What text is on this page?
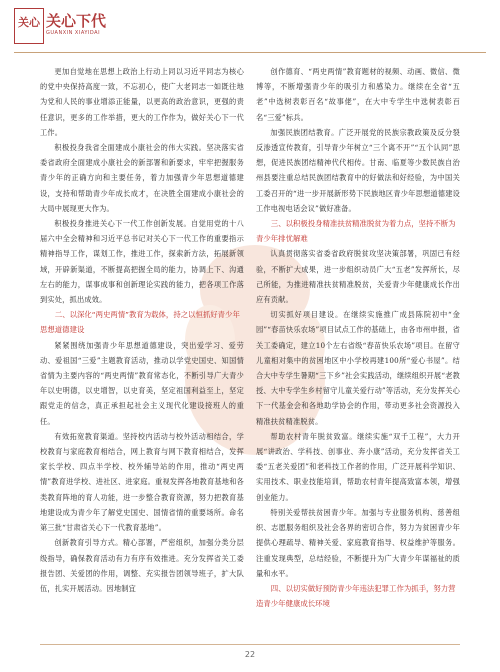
关心 关心下代
GUANXIN XIAYIDAI

更加自觉地在思想上政治上行动上同以习近平同志为核心的党中央保持高度一致，不忘初心，使广大老同志一如既往地为党和人民的事业增添正能量，以更高的政治意识，更强的责任意识，更多的工作举措，更大的工作作为，做好关心下一代工作。

积极投身我省全面建成小康社会的伟大实践。坚决落实省委省政府全面建成小康社会的新部署和新要求，牢牢把握服务青少年的正确方向和主要任务，着力加强青少年思想道德建设，支持和帮助青少年成长成才，在决胜全面建成小康社会的大局中展现更大作为。

积极投身推进关心下一代工作创新发展。自觉用党的十八届六中全会精神和习近平总书记对关心下一代工作的重要指示精神指导工作，谋划工作，推进工作，探索新方法，拓展新领域，开辟新渠道，不断提高把握全局的能力，协调上下、沟通左右的能力，谋事成事和创新理论实践的能力，把各项工作落到实处，抓出成效。

二、以深化“两史两情”教育为载体，持之以恒抓好青少年思想道德建设

紧紧围绕加强青少年思想道德建设，突出爱学习、爱劳动、爱祖国“三爱”主题教育活动，推动以学党史国史、知国情省情为主要内容的“两史两情”教育常态化，不断引导广大青少年以史明德，以史增智，以史育美，坚定祖国利益至上，坚定跟党走的信念，真正承担起社会主义现代化建设接班人的重任。

有效拓宽教育渠道。坚持校内活动与校外活动相结合，学校教育与家庭教育相结合，网上教育与网下教育相结合，发挥家长学校、四点半学校、校外辅导站的作用，推动“两史两情”教育进学校、进社区、进家庭。重视发挥各地教育基地和各类教育阵地的育人功能，进一步整合教育资源，努力把教育基地建设成为青少年了解党史国史、国情省情的重要场所。命名第三批“甘肃省关心下一代教育基地”。

创新教育引导方式。精心部署，严密组织，加强分类分层级指导，确保教育活动有力有序有效推进。充分发挥省关工委报告团、关爱团的作用，调整、充实报告团领导班子，扩大队伍，扎实开展活动。因地制宜

创作德育、“两史两情”教育题材的视频、动画、微信、微博等，不断增强青少年的吸引力和感染力。继续在全省“五老”中选树表彰百名“故事佬”，在大中专学生中选树表彰百名“三爱”标兵。

加强民族团结教育。广泛开展党的民族宗教政策及反分裂反渗透宣传教育，引导青少年树立“三个离不开”“五个认同”思想，促进民族团结精神代代相传。甘南、临夏等少数民族自治州县要注重总结民族团结教育中的好做法和好经验，为中国关工委召开的“进一步开展新形势下民族地区青少年思想道德建设工作电视电话会议”做好准备。

三、以积极投身精准扶贫精准脱贫为着力点，坚持不断为青少年排忧解难

认真贯彻落实省委省政府脱贫攻坚决策部署，巩固已有经验，不断扩大成果，进一步组织动员广大“五老”发挥所长，尽己所能，为推进精准扶贫精准脱贫，关爱青少年健康成长作出应有贡献。

切实抓好项目建设。在继续实施推广成县陈院初中“金园”“春苗快乐农场”项目试点工作的基础上，由各市州申报，省关工委确定，建立10个左右省级“春苗快乐农场”项目。在留守儿童相对集中的贫困地区中小学校再建100所“爱心书屋”。结合大中专学生暑期“三下乡”社会实践活动，继续组织开展“老教授、大中专学生乡村留守儿童关爱行动”等活动，充分发挥关心下一代基金会和各地助学协会的作用，带动更多社会资源投入精准扶贫精准脱贫。

帮助农村青年脱贫致富。继续实施“双千工程”，大力开展“讲政治、学科技、创事业、奔小康”活动，充分发挥省关工委“五老关爱团”和老科技工作者的作用，广泛开展科学知识、实用技术、职业技能培训，帮助农村青年提高致富本领，增强创业能力。

特别关爱帮扶贫困青少年。加强与专业服务机构、慈善组织、志愿服务组织及社会各界的密切合作，努力为贫困青少年提供心理疏导、精神关爱、家庭教育指导、权益维护等服务。注重发现典型，总结经验，不断提升为广大青少年谋福祉的质量和水平。

四、以切实做好预防青少年违法犯罪工作为抓手，努力营造青少年健康成长环境

22
